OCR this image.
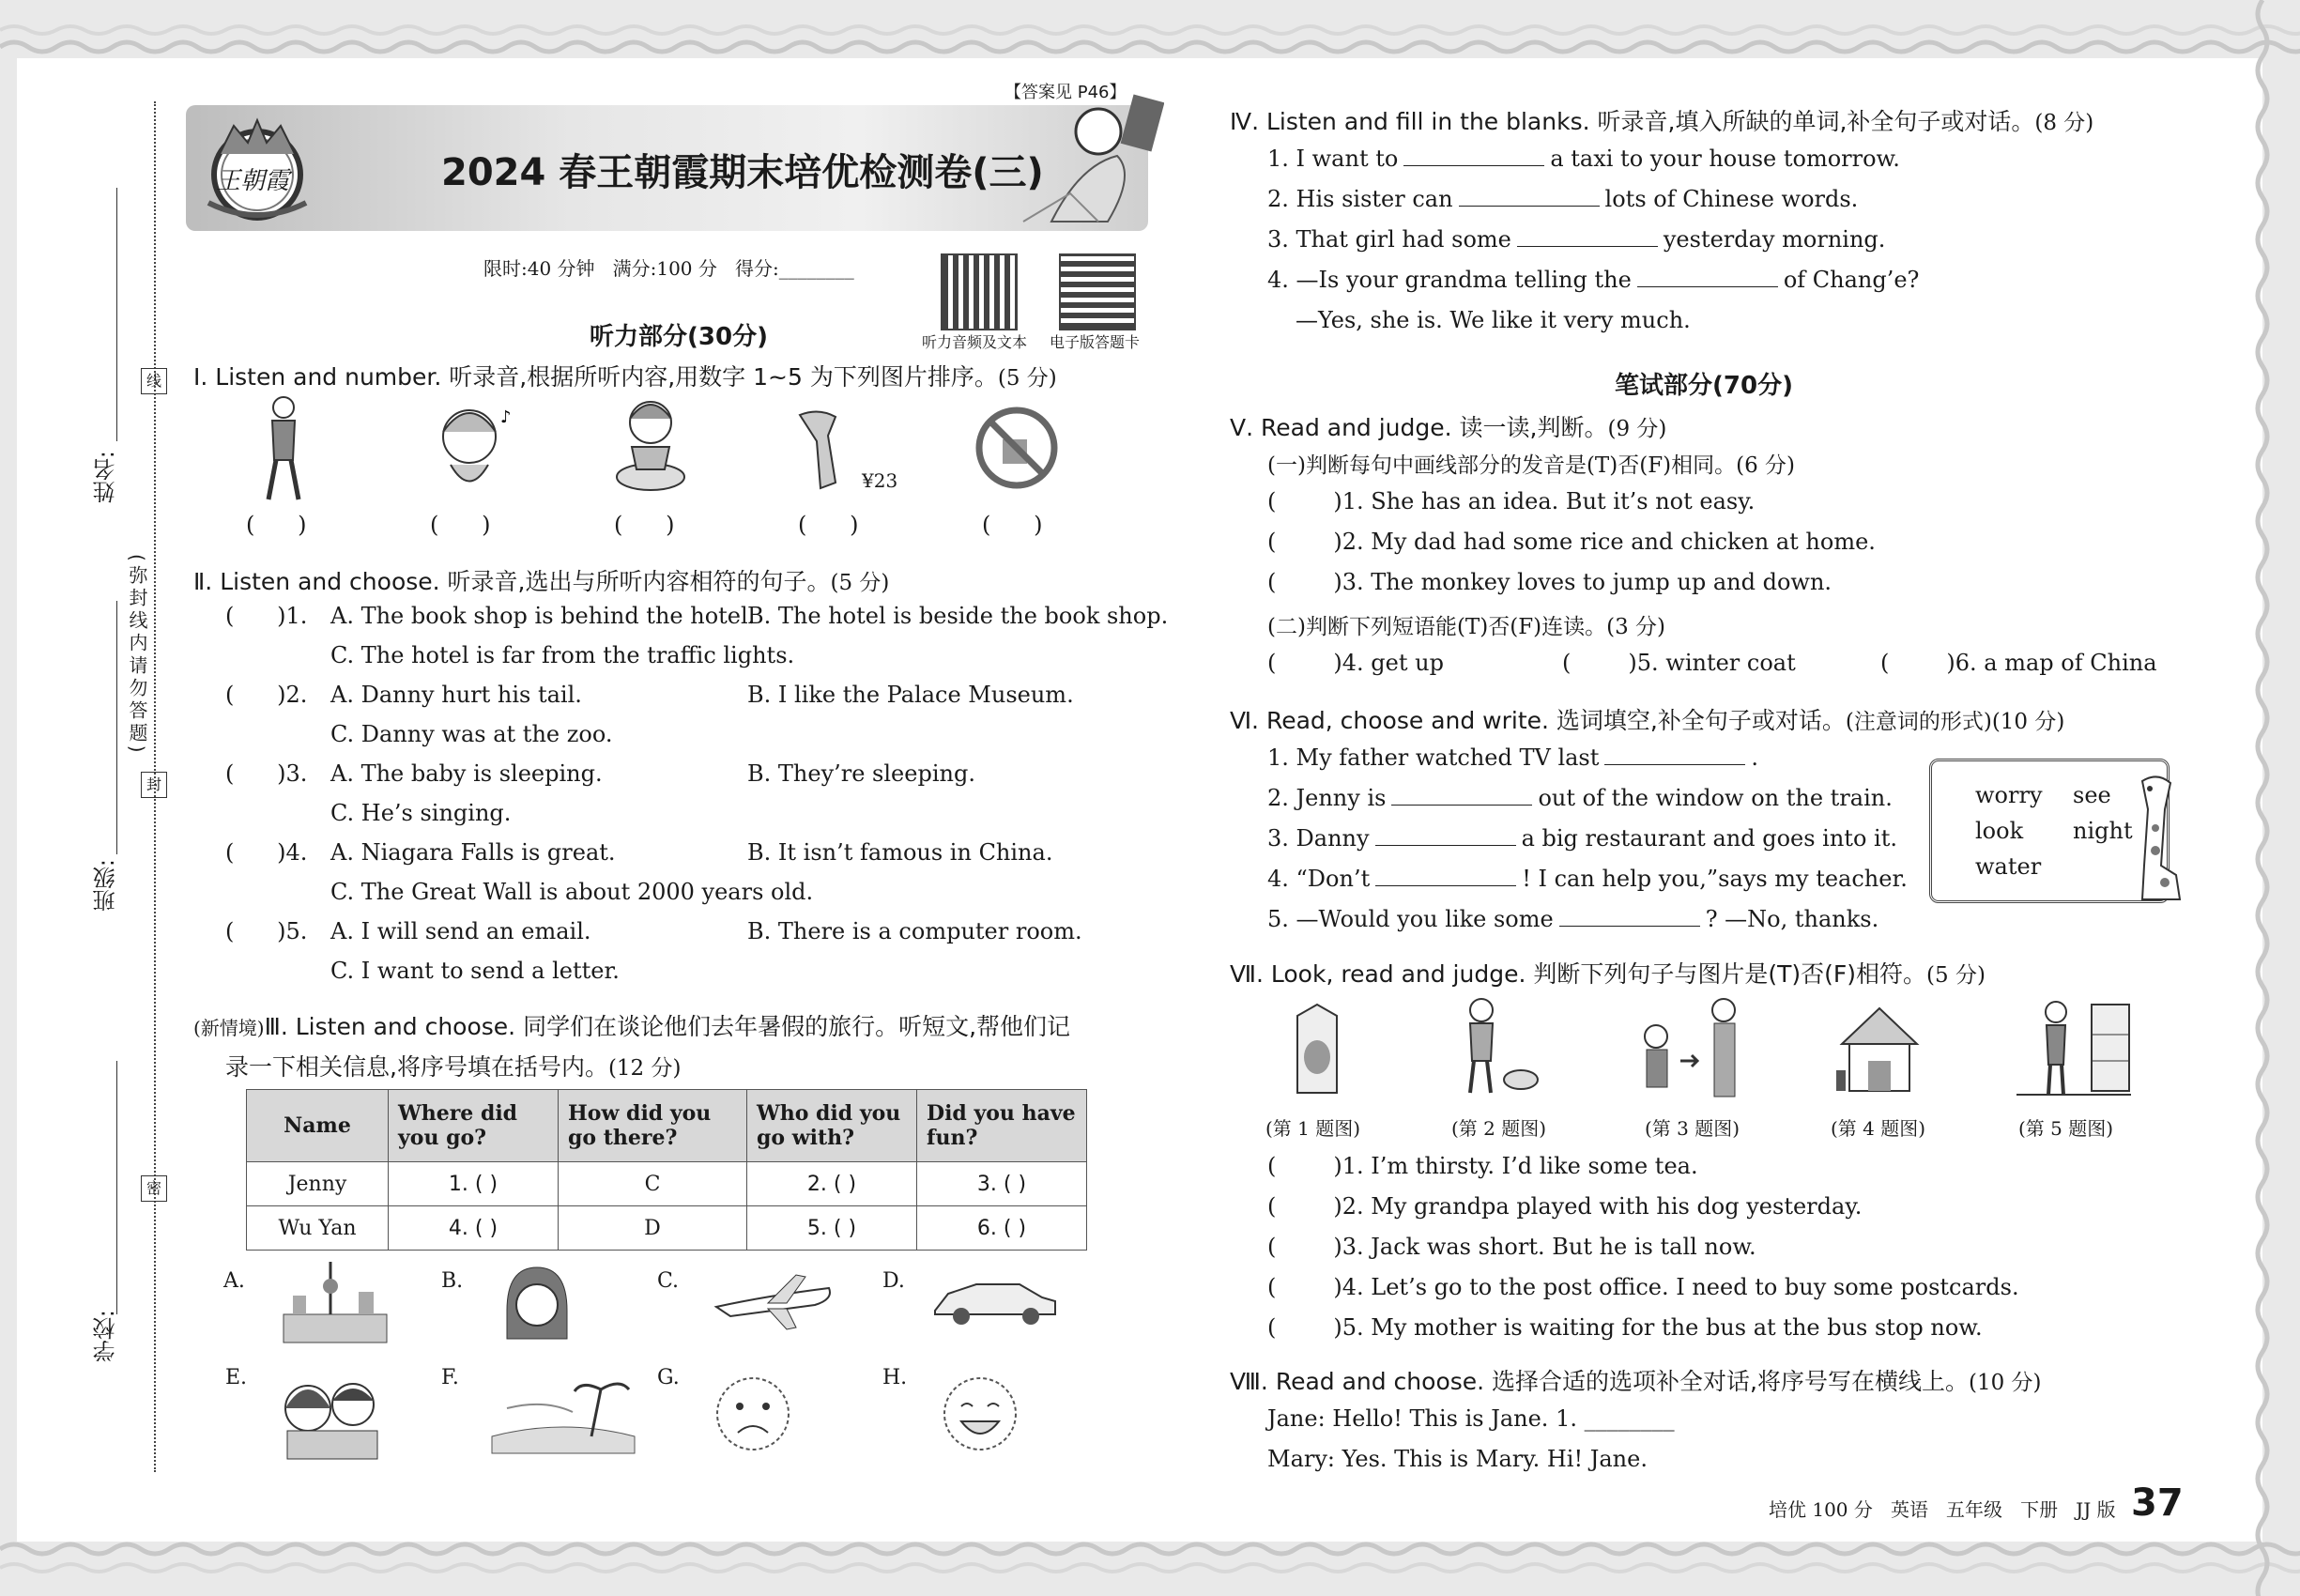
姓名:
班级:
学校:
(弥封线内请勿答题)
线
封
密
【答案见 P46】
王朝霞	2024 春王朝霞期末培优检测卷(三)
限时:40 分钟   满分:100 分   得分:________
听力音频及文本 电子版答题卡
听力部分(30分)
Ⅰ. Listen and number. 听录音,根据所听内容,用数字 1~5 为下列图片排序。(5 分)
♪
¥23
(      )	(      )	(      )	(      )	(      )
Ⅱ. Listen and choose. 听录音,选出与所听内容相符的句子。(5 分)
(      )1. A. The book shop is behind the hotel.
B. The hotel is beside the book shop.
C. The hotel is far from the traffic lights.
(      )2. A. Danny hurt his tail.	B. I like the Palace Museum.
C. Danny was at the zoo.
(      )3. A. The baby is sleeping.	B. They’re sleeping.
C. He’s singing.
(      )4. A. Niagara Falls is great.	B. It isn’t famous in China.
C. The Great Wall is about 2000 years old.
(      )5. A. I will send an email.	B. There is a computer room.
C. I want to send a letter.
(新情境)Ⅲ. Listen and choose. 同学们在谈论他们去年暑假的旅行。听短文,帮他们记
录一下相关信息,将序号填在括号内。(12 分)
Name	Where did you go?	How did you go there?	Who did you go with?	Did you have fun?
Jenny	1. ( )	C	2. ( )	3. ( )
Wu Yan	4. ( )	D	5. ( )	6. ( )
A.	B.	C.	D.
E.	F.	G.	H.
Ⅳ. Listen and fill in the blanks. 听录音,填入所缺的单词,补全句子或对话。(8 分)
1. I want to	a taxi to your house tomorrow.
2. His sister can	lots of Chinese words.
3. That girl had some	yesterday morning.
4. —Is your grandma telling the	of Chang’e?
—Yes, she is. We like it very much.
笔试部分(70分)
Ⅴ. Read and judge. 读一读,判断。(9 分)
(一)判断每句中画线部分的发音是(T)否(F)相同。(6 分)
(        )1. She has an idea. But it’s not easy.
(        )2. My dad had some rice and chicken at home.
(        )3. The monkey loves to jump up and down.
(二)判断下列短语能(T)否(F)连读。(3 分)
(        )4. get up	(        )5. winter coat	(        )6. a map of China
Ⅵ. Read, choose and write. 选词填空,补全句子或对话。(注意词的形式)(10 分)
1. My father watched TV last	.
2. Jenny is	out of the window on the train.
3. Danny	a big restaurant and goes into it.
4. “Don’t	! I can help you,”says my teacher.
5. —Would you like some	? —No, thanks.
worry see
look night
water
Ⅶ. Look, read and judge. 判断下列句子与图片是(T)否(F)相符。(5 分)
(第 1 题图)	(第 2 题图)	(第 3 题图)	(第 4 题图)	(第 5 题图)
(        )1. I’m thirsty. I’d like some tea.
(        )2. My grandpa played with his dog yesterday.
(        )3. Jack was short. But he is tall now.
(        )4. Let’s go to the post office. I need to buy some postcards.
(        )5. My mother is waiting for the bus at the bus stop now.
Ⅷ. Read and choose. 选择合适的选项补全对话,将序号写在横线上。(10 分)
Jane: Hello! This is Jane. 1. ________
Mary: Yes. This is Mary. Hi! Jane.
培优 100 分   英语   五年级   下册   JJ 版 37
